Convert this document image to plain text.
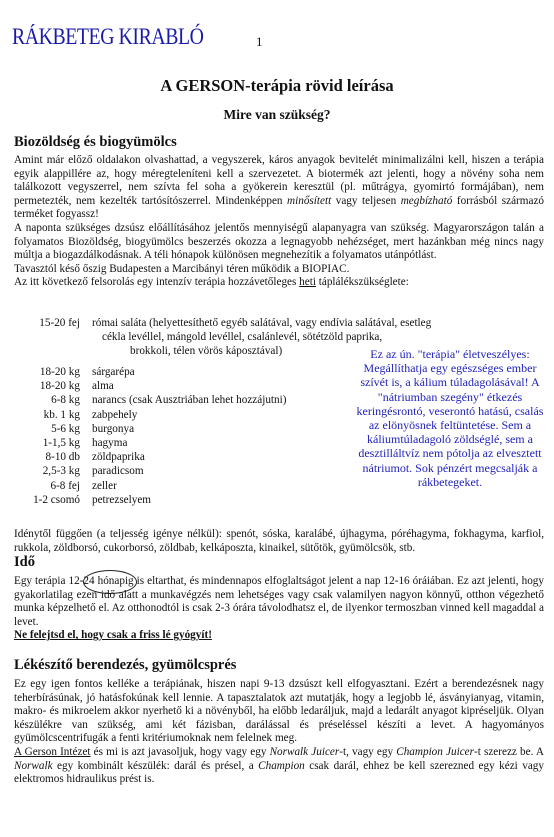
RÁKBETEG KIRABLÓ	1
A GERSON-terápia rövid leírása
Mire van szükség?
Biozöldség és biogyümölcs

Amint már előző oldalakon olvashattad, a vegyszerek, káros anyagok bevitelét minimalizálni kell, hiszen a terápia egyik alappillére az, hogy méregteleníteni kell a szervezetet. A biotermék azt jelenti, hogy a növény soha nem találkozott vegyszerrel, nem szívta fel soha a gyökerein keresztül (pl. műtrágya, gyomirtó formájában), nem permetezték, nem kezelték tartósítószerrel. Mindenképpen minősített vagy teljesen megbízható forrásból származó terméket fogyassz!

A naponta szükséges dzsúsz előállításához jelentős mennyiségű alapanyagra van szükség. Magyarországon talán a folyamatos Biozöldség, biogyümölcs beszerzés okozza a legnagyobb nehézséget, mert hazánkban még nincs nagy múltja a biogazdálkodásnak. A téli hónapok különösen megnehezítik a folyamatos utánpótlást.

Tavasztól késő őszig Budapesten a Marcibányi téren működik a BIOPIAC.

Az itt következő felsorolás egy intenzív terápia hozzávetőleges heti táplálékszükséglete:

15-20 fej római saláta (helyettesíthető egyéb salátával, vagy endívia salátával, esetleg
cékla levéllel, mángold levéllel, csalánlevél, sötétzöld paprika,
brokkoli, télen vörös káposztával)
18-20 kg sárgarépa
18-20 kg alma
6-8 kg narancs (csak Ausztriában lehet hozzájutni)
kb. 1 kg zabpehely
5-6 kg burgonya
1-1,5 kg hagyma
8-10 db zöldpaprika
2,5-3 kg paradicsom
6-8 fej zeller
1-2 csomó petrezselyem
Idénytől függően (a teljesség igénye nélkül): spenót, sóska, karalábé, újhagyma, póréhagyma, fokhagyma, karfiol, rukkola, zöldborsó, cukorborsó, zöldbab, kelkáposzta, kinaikel, sütőtök, gyümölcsök, stb.

Ez az ún. "terápia" életveszélyes: Megállíthatja egy egészséges ember szívét is, a kálium túladagolásával! A "nátriumban szegény" étkezés keringésrontó, veserontó hatású, csalás az elönyösnek feltüntetése. Sem a káliumtúladagoló zöldséglé, sem a desztilláltvíz nem pótolja az elvesztett nátriumot. Sok pénzért megcsalják a rákbetegeket.

Idő

Egy terápia 12-24 hónapig is eltarthat, és mindennapos elfoglaltságot jelent a nap 12-16 óráiában. Ez azt jelenti, hogy gyakorlatilag ezen idő alatt a munkavégzés nem lehetséges vagy csak valamilyen nagyon könnyű, otthon végezhető munka képzelhető el. Az otthonodtól is csak 2-3 órára távolodhatsz el, de ilyenkor termoszban vinned kell magaddal a levet.

Ne felejtsd el, hogy csak a friss lé gyógyít!

Lékészítő berendezés, gyümölcsprés

Ez egy igen fontos kelléke a terápiának, hiszen napi 9-13 dzsúszt kell elfogyasztani. Ezért a berendezésnek nagy teherbírásúnak, jó hatásfokúnak kell lennie. A tapasztalatok azt mutatják, hogy a legjobb lé, ásványianyag, vitamin, makro- és mikroelem akkor nyerhető ki a növényből, ha előbb ledaráljuk, majd a ledarált anyagot kipréseljük. Olyan készülékre van szükség, ami két fázisban, darálással és préseléssel készíti a levet. A hagyományos gyümölcscentrifugák a fenti kritériumoknak nem felelnek meg.

A Gerson Intézet és mi is azt javasoljuk, hogy vagy egy Norwalk Juicer-t, vagy egy Champion Juicer-t szerezz be. A Norwalk egy kombinált készülék: darál és présel, a Champion csak darál, ehhez be kell szerezned egy kézi vagy elektromos hidraulikus prést is.
